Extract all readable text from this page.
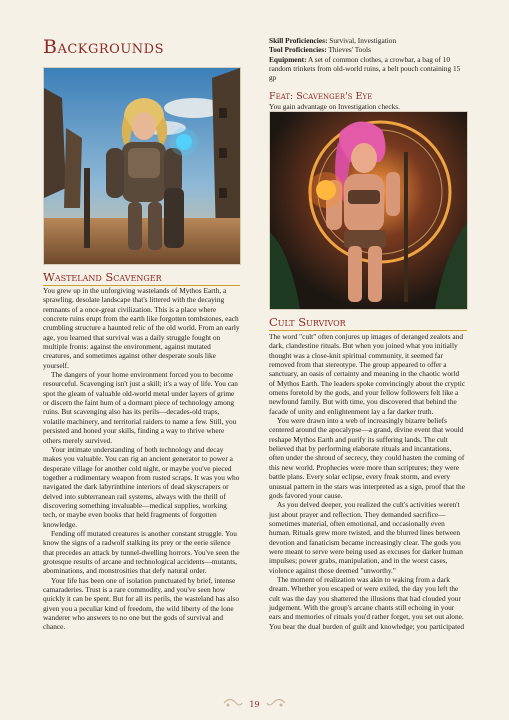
Backgrounds
Wasteland Scavenger

You grew up in the unforgiving wastelands of Mythos Earth, a sprawling, desolate landscape that's littered with the decaying remnants of a once-great civilization. This is a place where concrete ruins erupt from the earth like forgotten tombstones, each crumbling structure a haunted relic of the old world. From an early age, you learned that survival was a daily struggle fought on multiple fronts: against the environment, against mutated creatures, and sometimes against other desperate souls like yourself.

The dangers of your home environment forced you to become resourceful. Scavenging isn't just a skill; it's a way of life. You can spot the gleam of valuable old-world metal under layers of grime or discern the faint hum of a dormant piece of technology among ruins. But scavenging also has its perils—decades-old traps, volatile machinery, and territorial raiders to name a few. Still, you persisted and honed your skills, finding a way to thrive where others merely survived.

Your intimate understanding of both technology and decay makes you valuable. You can rig an ancient generator to power a desperate village for another cold night, or maybe you've pieced together a rudimentary weapon from rusted scraps. It was you who navigated the dark labyrinthine interiors of dead skyscrapers or delved into subterranean rail systems, always with the thrill of discovering something invaluable—medical supplies, working tech, or maybe even books that held fragments of forgotten knowledge.

Fending off mutated creatures is another constant struggle. You know the signs of a radwolf stalking its prey or the eerie silence that precedes an attack by tunnel-dwelling horrors. You've seen the grotesque results of arcane and technological accidents—mutants, abominations, and monstrosities that defy natural order.

Your life has been one of isolation punctuated by brief, intense camaraderies. Trust is a rare commodity, and you've seen how quickly it can be spent. But for all its perils, the wasteland has also given you a peculiar kind of freedom, the wild liberty of the lone wanderer who answers to no one but the gods of survival and chance.

Skill Proficiencies: Survival, Investigation

Tool Proficiencies: Thieves' Tools

Equipment: A set of common clothes, a crowbar, a bag of 10 random trinkets from old-world ruins, a belt pouch containing 15 gp

Feat: Scavenger's Eye

You gain advantage on Investigation checks.

Cult Survivor

The word "cult" often conjures up images of deranged zealots and dark, clandestine rituals. But when you joined what you initially thought was a close-knit spiritual community, it seemed far removed from that stereotype. The group appeared to offer a sanctuary, an oasis of certainty and meaning in the chaotic world of Mythos Earth. The leaders spoke convincingly about the cryptic omens foretold by the gods, and your fellow followers felt like a newfound family. But with time, you discovered that behind the facade of unity and enlightenment lay a far darker truth.

You were drawn into a web of increasingly bizarre beliefs centered around the apocalypse—a grand, divine event that would reshape Mythos Earth and purify its suffering lands. The cult believed that by performing elaborate rituals and incantations, often under the shroud of secrecy, they could hasten the coming of this new world. Prophecies were more than scriptures; they were battle plans. Every solar eclipse, every freak storm, and every unusual pattern in the stars was interpreted as a sign, proof that the gods favored your cause.

As you delved deeper, you realized the cult's activities weren't just about prayer and reflection. They demanded sacrifice—sometimes material, often emotional, and occasionally even human. Rituals grew more twisted, and the blurred lines between devotion and fanaticism became increasingly clear. The gods you were meant to serve were being used as excuses for darker human impulses; power grabs, manipulation, and in the worst cases, violence against those deemed "unworthy."

The moment of realization was akin to waking from a dark dream. Whether you escaped or were exiled, the day you left the cult was the day you shattered the illusions that had clouded your judgement. With the group's arcane chants still echoing in your ears and memories of rituals you'd rather forget, you set out alone. You bear the dual burden of guilt and knowledge; you participated

19
